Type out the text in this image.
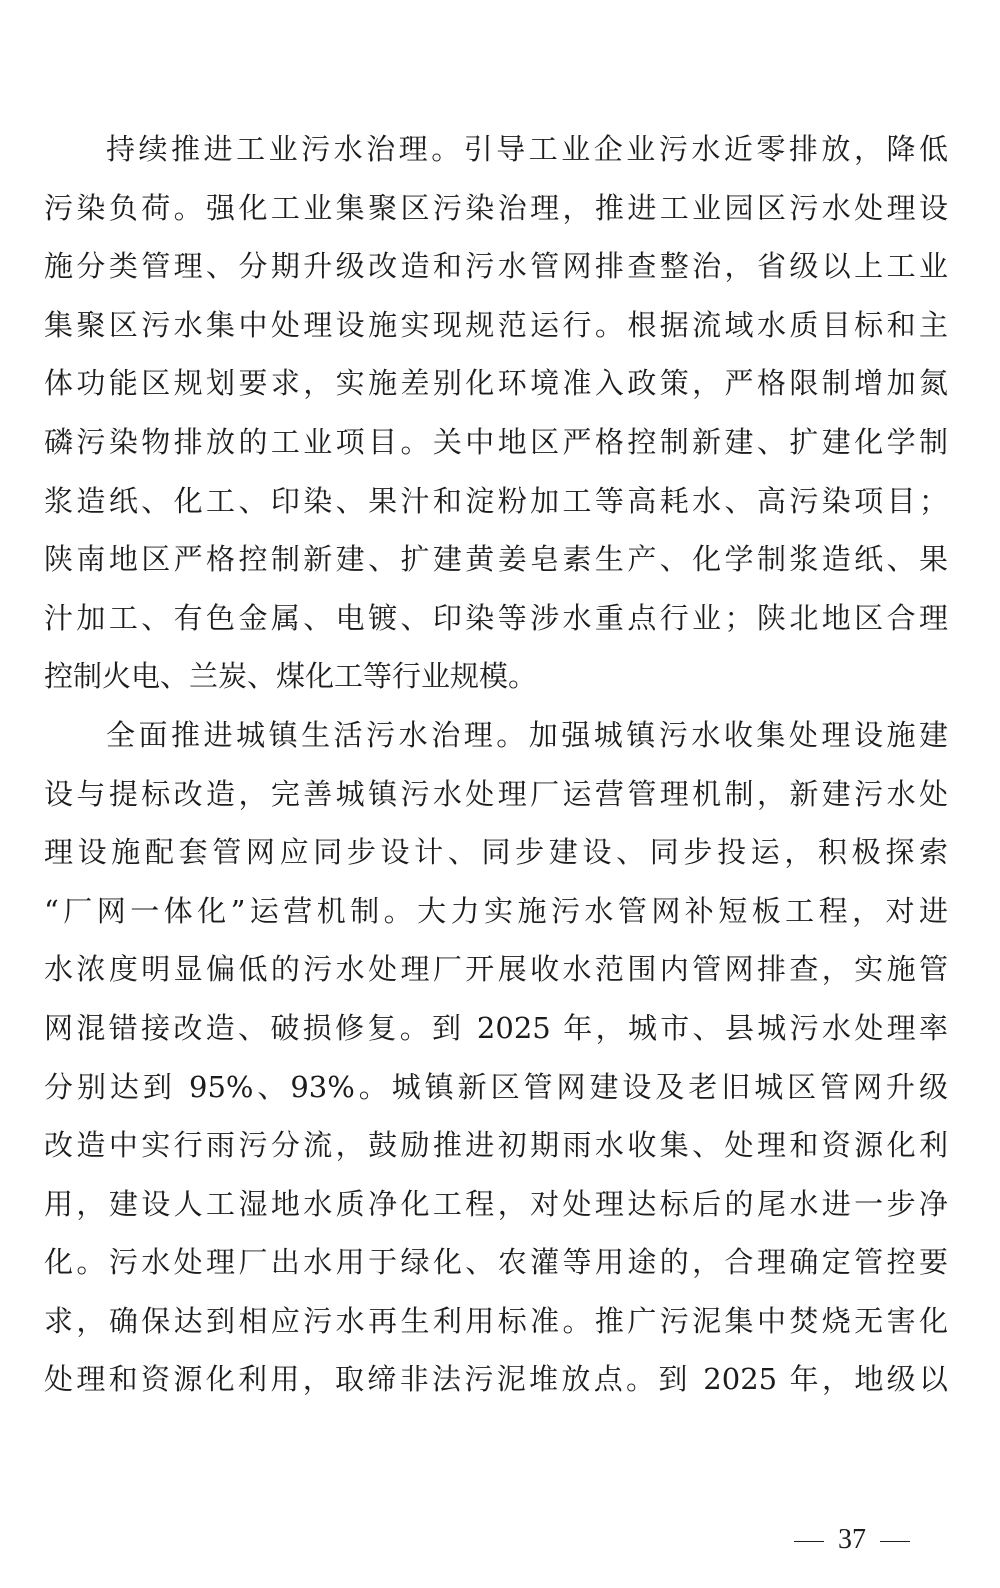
持续推进工业污水治理。引导工业企业污水近零排放，降低
污染负荷。强化工业集聚区污染治理，推进工业园区污水处理设
施分类管理、分期升级改造和污水管网排查整治，省级以上工业
集聚区污水集中处理设施实现规范运行。根据流域水质目标和主
体功能区规划要求，实施差别化环境准入政策，严格限制增加氮
磷污染物排放的工业项目。关中地区严格控制新建、扩建化学制
浆造纸、化工、印染、果汁和淀粉加工等高耗水、高污染项目；
陕南地区严格控制新建、扩建黄姜皂素生产、化学制浆造纸、果
汁加工、有色金属、电镀、印染等涉水重点行业；陕北地区合理
控制火电、兰炭、煤化工等行业规模。
全面推进城镇生活污水治理。加强城镇污水收集处理设施建
设与提标改造，完善城镇污水处理厂运营管理机制，新建污水处
理设施配套管网应同步设计、同步建设、同步投运，积极探索
“厂网一体化”运营机制。大力实施污水管网补短板工程，对进
水浓度明显偏低的污水处理厂开展收水范围内管网排查，实施管
网混错接改造、破损修复。到 2025 年，城市、县城污水处理率
分别达到 95%、93%。城镇新区管网建设及老旧城区管网升级
改造中实行雨污分流，鼓励推进初期雨水收集、处理和资源化利
用，建设人工湿地水质净化工程，对处理达标后的尾水进一步净
化。污水处理厂出水用于绿化、农灌等用途的，合理确定管控要
求，确保达到相应污水再生利用标准。推广污泥集中焚烧无害化
处理和资源化利用，取缔非法污泥堆放点。到 2025 年，地级以
37
